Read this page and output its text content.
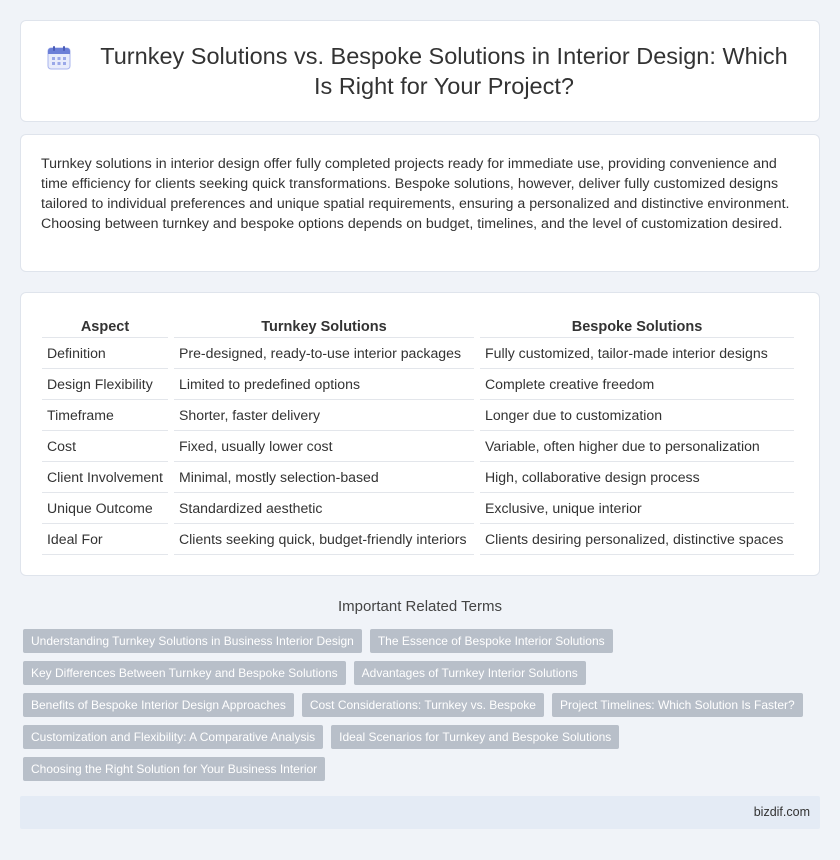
Turnkey Solutions vs. Bespoke Solutions in Interior Design: Which Is Right for Your Project?

Turnkey solutions in interior design offer fully completed projects ready for immediate use, providing convenience and time efficiency for clients seeking quick transformations. Bespoke solutions, however, deliver fully customized designs tailored to individual preferences and unique spatial requirements, ensuring a personalized and distinctive environment. Choosing between turnkey and bespoke options depends on budget, timelines, and the level of customization desired.

Aspect	Turnkey Solutions	Bespoke Solutions
Definition	Pre-designed, ready-to-use interior packages	Fully customized, tailor-made interior designs
Design Flexibility	Limited to predefined options	Complete creative freedom
Timeframe	Shorter, faster delivery	Longer due to customization
Cost	Fixed, usually lower cost	Variable, often higher due to personalization
Client Involvement	Minimal, mostly selection-based	High, collaborative design process
Unique Outcome	Standardized aesthetic	Exclusive, unique interior
Ideal For	Clients seeking quick, budget-friendly interiors	Clients desiring personalized, distinctive spaces
Important Related Terms
Understanding Turnkey Solutions in Business Interior Design	The Essence of Bespoke Interior Solutions
Key Differences Between Turnkey and Bespoke Solutions	Advantages of Turnkey Interior Solutions
Benefits of Bespoke Interior Design Approaches	Cost Considerations: Turnkey vs. Bespoke	Project Timelines: Which Solution Is Faster?
Customization and Flexibility: A Comparative Analysis	Ideal Scenarios for Turnkey and Bespoke Solutions
Choosing the Right Solution for Your Business Interior
bizdif.com
